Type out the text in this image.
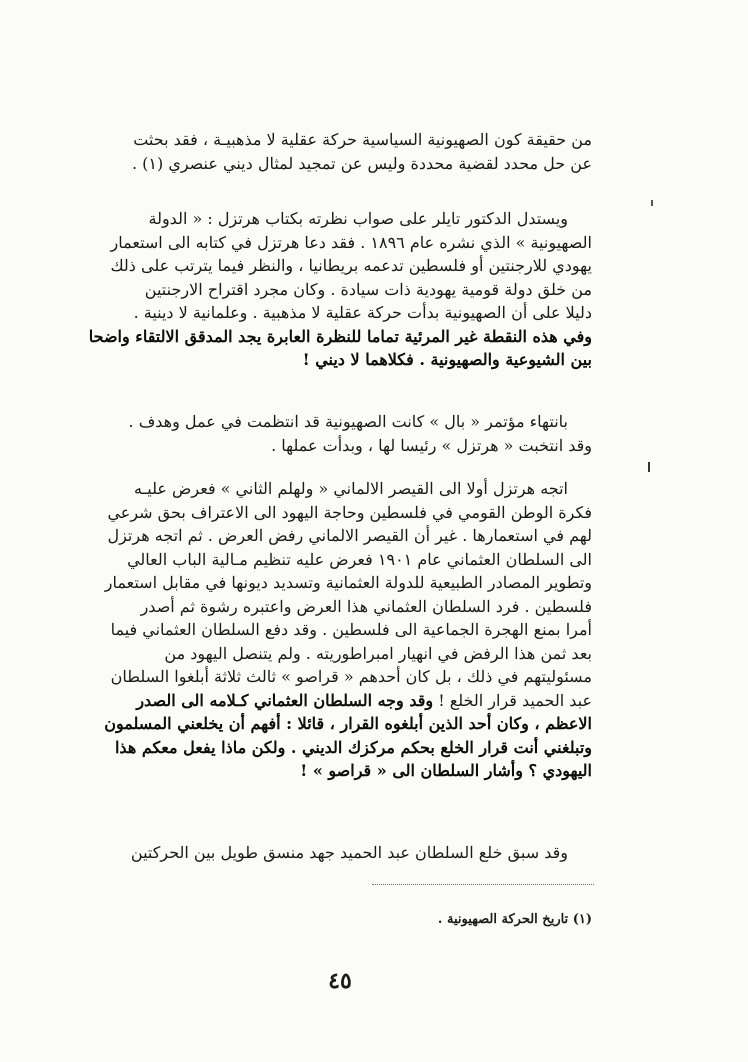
من حقيقة كون الصهيونية السياسية حركة عقلية لا مذهبيـة ، فقد بحثت
عن حل محدد لقضية محددة وليس عن تمجيد لمثال ديني عنصري (١) .
ويستدل الدكتور تايلر على صواب نظرته بكتاب هرتزل : « الدولة
الصهيونية » الذي نشره عام ١٨٩٦ . فقد دعا هرتزل في كتابه الى استعمار
يهودي للارجنتين أو فلسطين تدعمه بريطانيا ، والنظر فيما يترتب على ذلك
من خلق دولة قومية يهودية ذات سيادة . وكان مجرد اقتراح الارجنتين
دليلا على أن الصهيونية بدأت حركة عقلية لا مذهبية . وعلمانية لا دينية .
وفي هذه النقطة غير المرئية تماما للنظرة العابرة يجد المدقق الالتقاء واضحا
بين الشيوعية والصهيونية . فكلاهما لا ديني !
بانتهاء مؤتمر « بال » كانت الصهيونية قد انتظمت في عمل وهدف .
وقد انتخبت « هرتزل » رئيسا لها ، وبدأت عملها .
اتجه هرتزل أولا الى القيصر الالماني « ولهلم الثاني » فعرض عليـه
فكرة الوطن القومي في فلسطين وحاجة اليهود الى الاعتراف بحق شرعي
لهم في استعمارها . غير أن القيصر الالماني رفض العرض . ثم اتجه هرتزل
الى السلطان العثماني عام ١٩٠١ فعرض عليه تنظيم مـالية الباب العالي
وتطوير المصادر الطبيعية للدولة العثمانية وتسديد ديونها في مقابل استعمار
فلسطين . فرد السلطان العثماني هذا العرض واعتبره رشوة ثم أصدر
أمرا بمنع الهجرة الجماعية الى فلسطين . وقد دفع السلطان العثماني فيما
بعد ثمن هذا الرفض في انهيار امبراطوريته . ولم يتنصل اليهود من
مسئوليتهم في ذلك ، بل كان أحدهم « قراصو » ثالث ثلاثة أبلغوا السلطان
عبد الحميد قرار الخلع ! وقد وجه السلطان العثماني كـلامه الى الصدر
الاعظم ، وكان أحد الذين أبلغوه القرار ، قائلا : أفهم أن يخلعني المسلمون
وتبلغني أنت قرار الخلع بحكم مركزك الديني . ولكن ماذا يفعل معكم هذا
اليهودي ؟ وأشار السلطان الى « قراصو » !
وقد سبق خلع السلطان عبد الحميد جهد منسق طويل بين الحركتين
(١) تاريخ الحركة الصهيونية .
٤٥
